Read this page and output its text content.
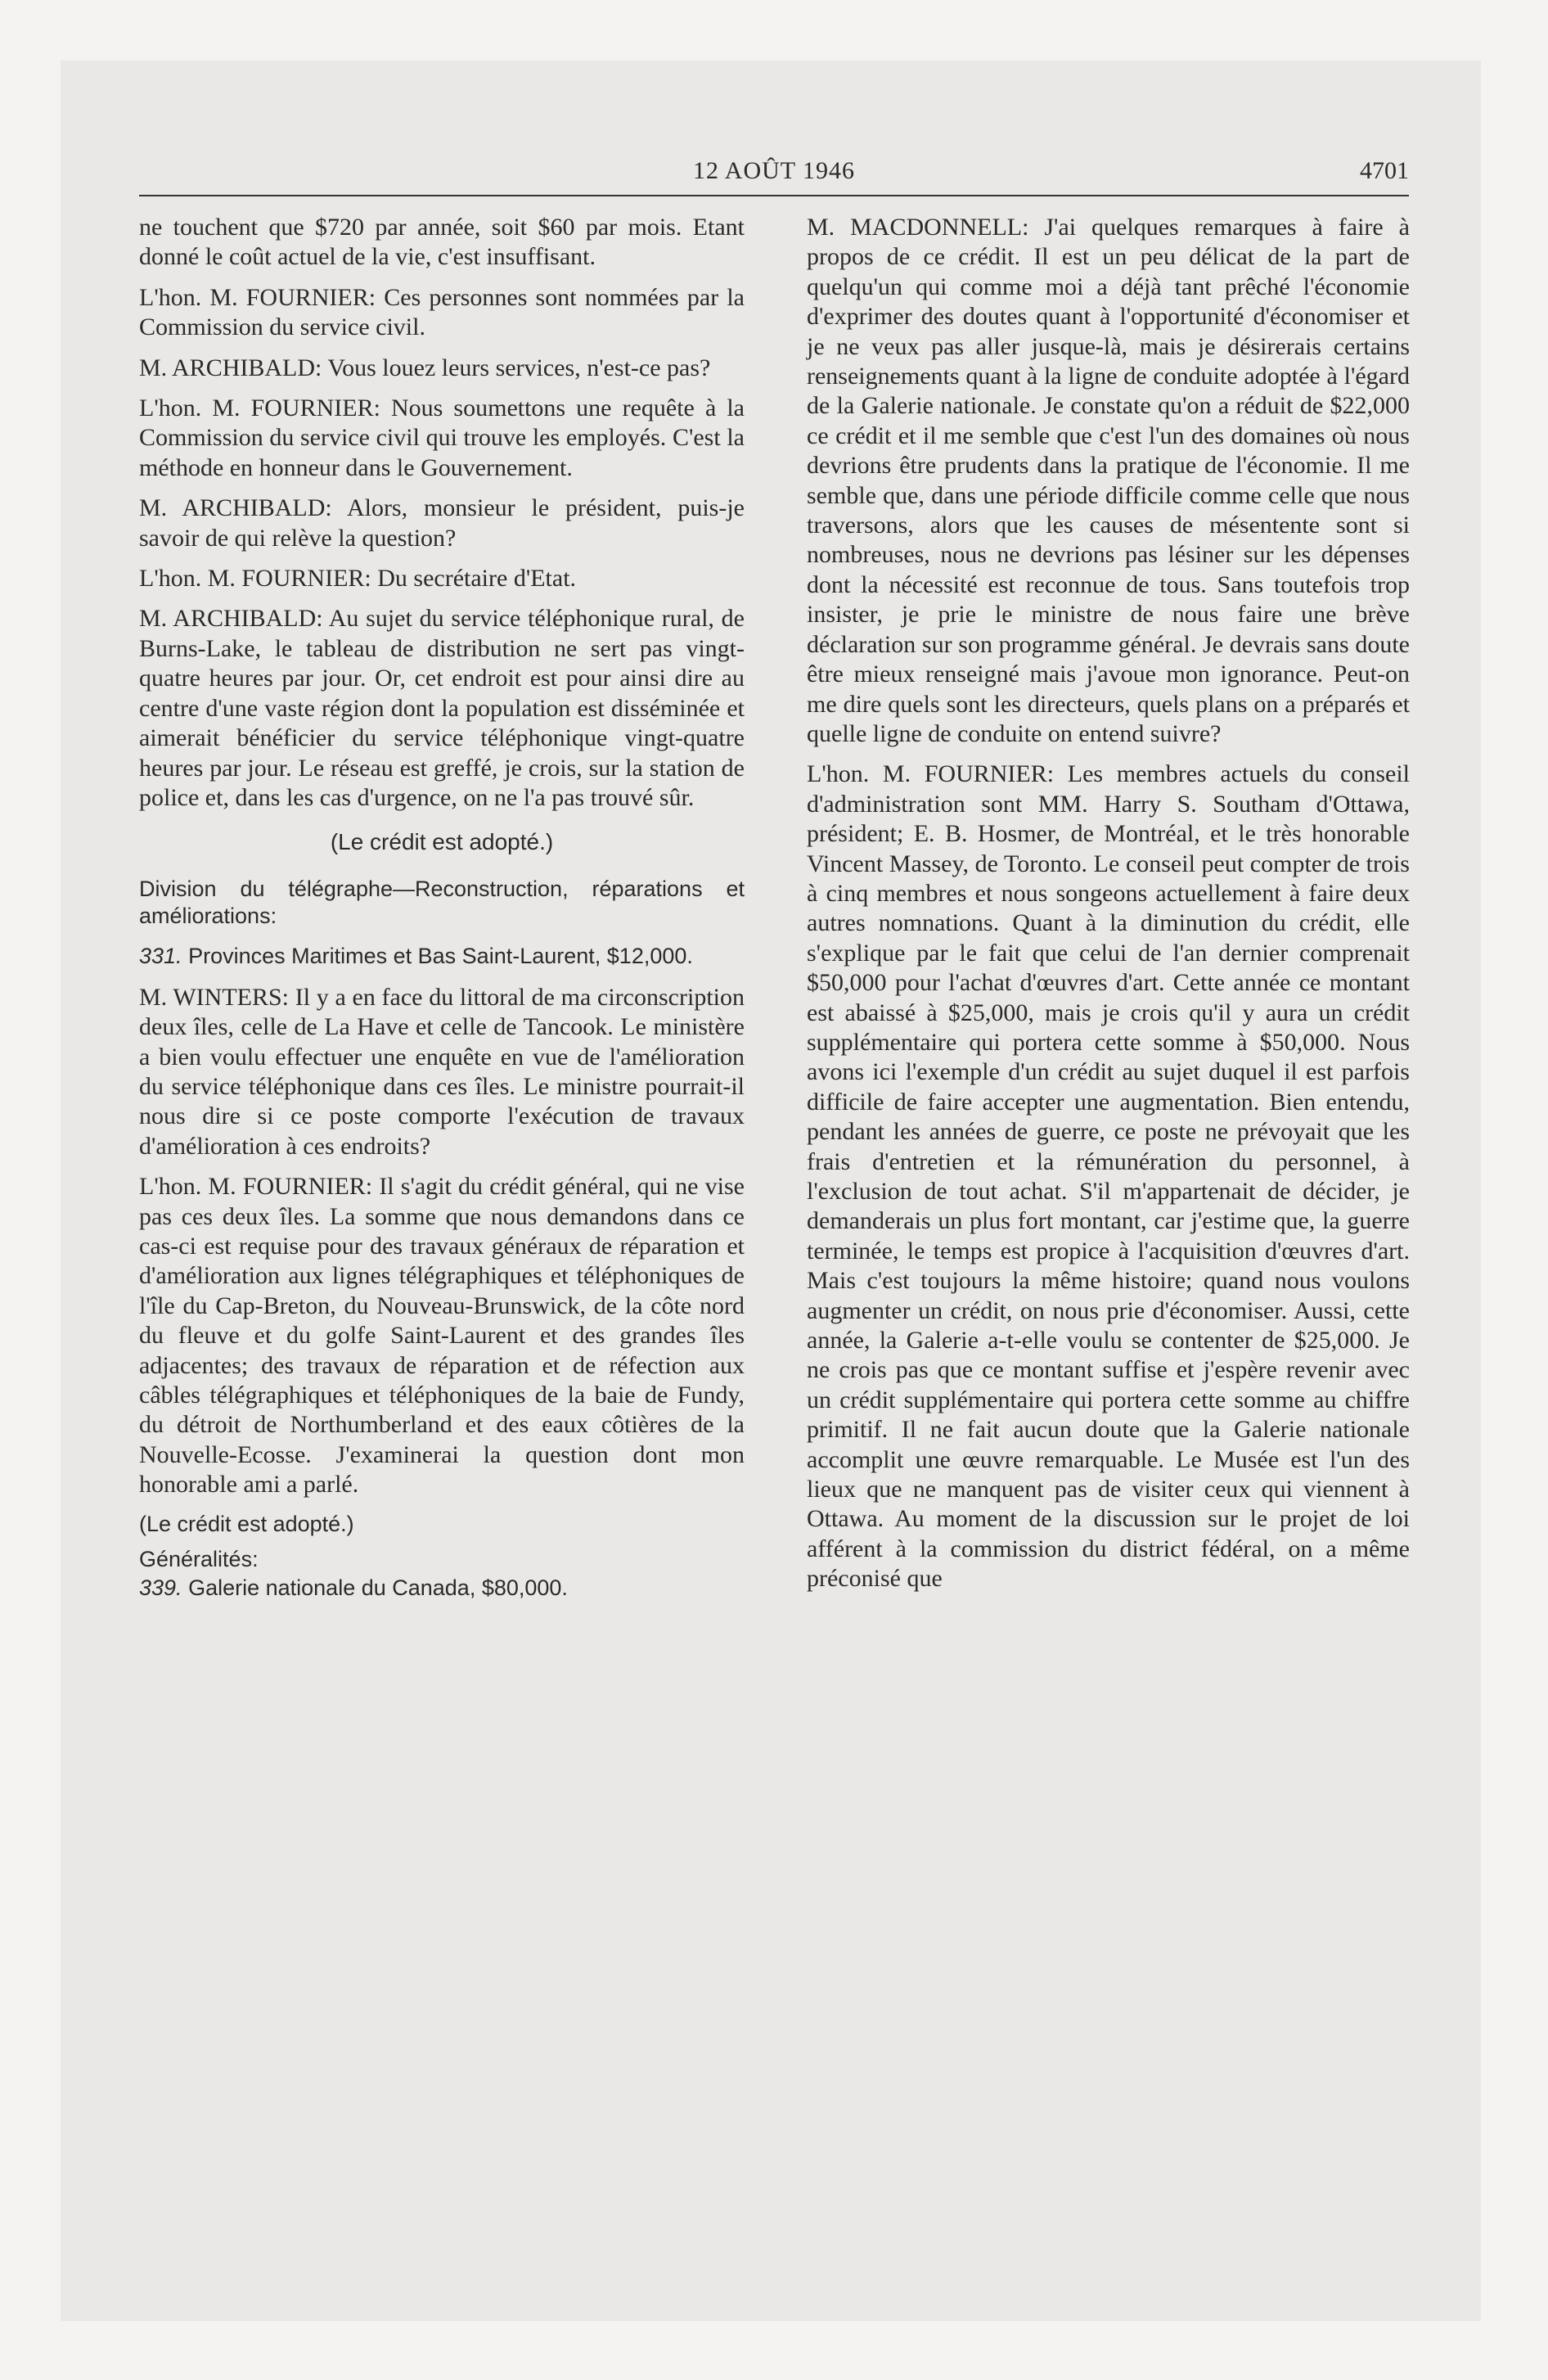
12 AOÛT 1946	4701

ne touchent que $720 par année, soit $60 par mois. Etant donné le coût actuel de la vie, c'est insuffisant.

L'hon. M. FOURNIER: Ces personnes sont nommées par la Commission du service civil.

M. ARCHIBALD: Vous louez leurs services, n'est-ce pas?

L'hon. M. FOURNIER: Nous soumettons une requête à la Commission du service civil qui trouve les employés. C'est la méthode en honneur dans le Gouvernement.

M. ARCHIBALD: Alors, monsieur le président, puis-je savoir de qui relève la question?

L'hon. M. FOURNIER: Du secrétaire d'Etat.

M. ARCHIBALD: Au sujet du service téléphonique rural, de Burns-Lake, le tableau de distribution ne sert pas vingt-quatre heures par jour. Or, cet endroit est pour ainsi dire au centre d'une vaste région dont la population est disséminée et aimerait bénéficier du service téléphonique vingt-quatre heures par jour. Le réseau est greffé, je crois, sur la station de police et, dans les cas d'urgence, on ne l'a pas trouvé sûr.

(Le crédit est adopté.)

Division du télégraphe—Reconstruction, réparations et améliorations:

331. Provinces Maritimes et Bas Saint-Laurent, $12,000.

M. WINTERS: Il y a en face du littoral de ma circonscription deux îles, celle de La Have et celle de Tancook. Le ministère a bien voulu effectuer une enquête en vue de l'amélioration du service téléphonique dans ces îles. Le ministre pourrait-il nous dire si ce poste comporte l'exécution de travaux d'amélioration à ces endroits?

L'hon. M. FOURNIER: Il s'agit du crédit général, qui ne vise pas ces deux îles. La somme que nous demandons dans ce cas-ci est requise pour des travaux généraux de réparation et d'amélioration aux lignes télégraphiques et téléphoniques de l'île du Cap-Breton, du Nouveau-Brunswick, de la côte nord du fleuve et du golfe Saint-Laurent et des grandes îles adjacentes; des travaux de réparation et de réfection aux câbles télégraphiques et téléphoniques de la baie de Fundy, du détroit de Northumberland et des eaux côtières de la Nouvelle-Ecosse. J'examinerai la question dont mon honorable ami a parlé.

(Le crédit est adopté.)

Généralités:

339. Galerie nationale du Canada, $80,000.

M. MACDONNELL: J'ai quelques remarques à faire à propos de ce crédit. Il est un peu délicat de la part de quelqu'un qui comme moi a déjà tant prêché l'économie d'exprimer des doutes quant à l'opportunité d'économiser et je ne veux pas aller jusque-là, mais je désirerais certains renseignements quant à la ligne de conduite adoptée à l'égard de la Galerie nationale. Je constate qu'on a réduit de $22,000 ce crédit et il me semble que c'est l'un des domaines où nous devrions être prudents dans la pratique de l'économie. Il me semble que, dans une période difficile comme celle que nous traversons, alors que les causes de mésentente sont si nombreuses, nous ne devrions pas lésiner sur les dépenses dont la nécessité est reconnue de tous. Sans toutefois trop insister, je prie le ministre de nous faire une brève déclaration sur son programme général. Je devrais sans doute être mieux renseigné mais j'avoue mon ignorance. Peut-on me dire quels sont les directeurs, quels plans on a préparés et quelle ligne de conduite on entend suivre?

L'hon. M. FOURNIER: Les membres actuels du conseil d'administration sont MM. Harry S. Southam d'Ottawa, président; E. B. Hosmer, de Montréal, et le très honorable Vincent Massey, de Toronto. Le conseil peut compter de trois à cinq membres et nous songeons actuellement à faire deux autres nomnations. Quant à la diminution du crédit, elle s'explique par le fait que celui de l'an dernier comprenait $50,000 pour l'achat d'œuvres d'art. Cette année ce montant est abaissé à $25,000, mais je crois qu'il y aura un crédit supplémentaire qui portera cette somme à $50,000. Nous avons ici l'exemple d'un crédit au sujet duquel il est parfois difficile de faire accepter une augmentation. Bien entendu, pendant les années de guerre, ce poste ne prévoyait que les frais d'entretien et la rémunération du personnel, à l'exclusion de tout achat. S'il m'appartenait de décider, je demanderais un plus fort montant, car j'estime que, la guerre terminée, le temps est propice à l'acquisition d'œuvres d'art. Mais c'est toujours la même histoire; quand nous voulons augmenter un crédit, on nous prie d'économiser. Aussi, cette année, la Galerie a-t-elle voulu se contenter de $25,000. Je ne crois pas que ce montant suffise et j'espère revenir avec un crédit supplémentaire qui portera cette somme au chiffre primitif. Il ne fait aucun doute que la Galerie nationale accomplit une œuvre remarquable. Le Musée est l'un des lieux que ne manquent pas de visiter ceux qui viennent à Ottawa. Au moment de la discussion sur le projet de loi afférent à la commission du district fédéral, on a même préconisé que
